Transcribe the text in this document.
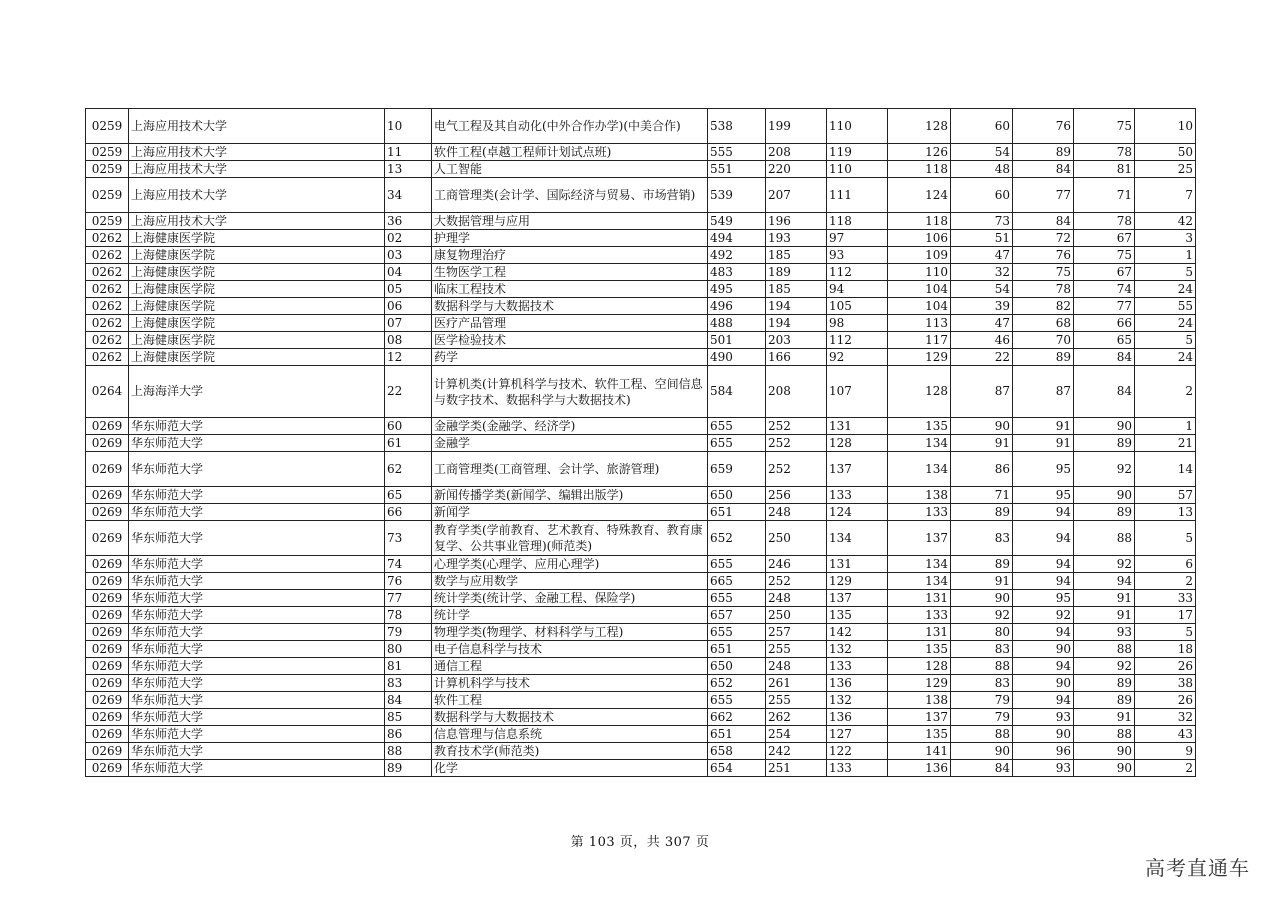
0259	上海应用技术大学	10	电气工程及其自动化(中外合作办学)(中美合作)	538	199	110	128	60	76	75	10
0259	上海应用技术大学	11	软件工程(卓越工程师计划试点班)	555	208	119	126	54	89	78	50
0259	上海应用技术大学	13	人工智能	551	220	110	118	48	84	81	25
0259	上海应用技术大学	34	工商管理类(会计学、国际经济与贸易、市场营销)	539	207	111	124	60	77	71	7
0259	上海应用技术大学	36	大数据管理与应用	549	196	118	118	73	84	78	42
0262	上海健康医学院	02	护理学	494	193	97	106	51	72	67	3
0262	上海健康医学院	03	康复物理治疗	492	185	93	109	47	76	75	1
0262	上海健康医学院	04	生物医学工程	483	189	112	110	32	75	67	5
0262	上海健康医学院	05	临床工程技术	495	185	94	104	54	78	74	24
0262	上海健康医学院	06	数据科学与大数据技术	496	194	105	104	39	82	77	55
0262	上海健康医学院	07	医疗产品管理	488	194	98	113	47	68	66	24
0262	上海健康医学院	08	医学检验技术	501	203	112	117	46	70	65	5
0262	上海健康医学院	12	药学	490	166	92	129	22	89	84	24
0264	上海海洋大学	22	计算机类(计算机科学与技术、软件工程、空间信息与数字技术、数据科学与大数据技术)	584	208	107	128	87	87	84	2
0269	华东师范大学	60	金融学类(金融学、经济学)	655	252	131	135	90	91	90	1
0269	华东师范大学	61	金融学	655	252	128	134	91	91	89	21
0269	华东师范大学	62	工商管理类(工商管理、会计学、旅游管理)	659	252	137	134	86	95	92	14
0269	华东师范大学	65	新闻传播学类(新闻学、编辑出版学)	650	256	133	138	71	95	90	57
0269	华东师范大学	66	新闻学	651	248	124	133	89	94	89	13
0269	华东师范大学	73	教育学类(学前教育、艺术教育、特殊教育、教育康复学、公共事业管理)(师范类)	652	250	134	137	83	94	88	5
0269	华东师范大学	74	心理学类(心理学、应用心理学)	655	246	131	134	89	94	92	6
0269	华东师范大学	76	数学与应用数学	665	252	129	134	91	94	94	2
0269	华东师范大学	77	统计学类(统计学、金融工程、保险学)	655	248	137	131	90	95	91	33
0269	华东师范大学	78	统计学	657	250	135	133	92	92	91	17
0269	华东师范大学	79	物理学类(物理学、材料科学与工程)	655	257	142	131	80	94	93	5
0269	华东师范大学	80	电子信息科学与技术	651	255	132	135	83	90	88	18
0269	华东师范大学	81	通信工程	650	248	133	128	88	94	92	26
0269	华东师范大学	83	计算机科学与技术	652	261	136	129	83	90	89	38
0269	华东师范大学	84	软件工程	655	255	132	138	79	94	89	26
0269	华东师范大学	85	数据科学与大数据技术	662	262	136	137	79	93	91	32
0269	华东师范大学	86	信息管理与信息系统	651	254	127	135	88	90	88	43
0269	华东师范大学	88	教育技术学(师范类)	658	242	122	141	90	96	90	9
0269	华东师范大学	89	化学	654	251	133	136	84	93	90	2
第 103 页，共 307 页
高考直通车
